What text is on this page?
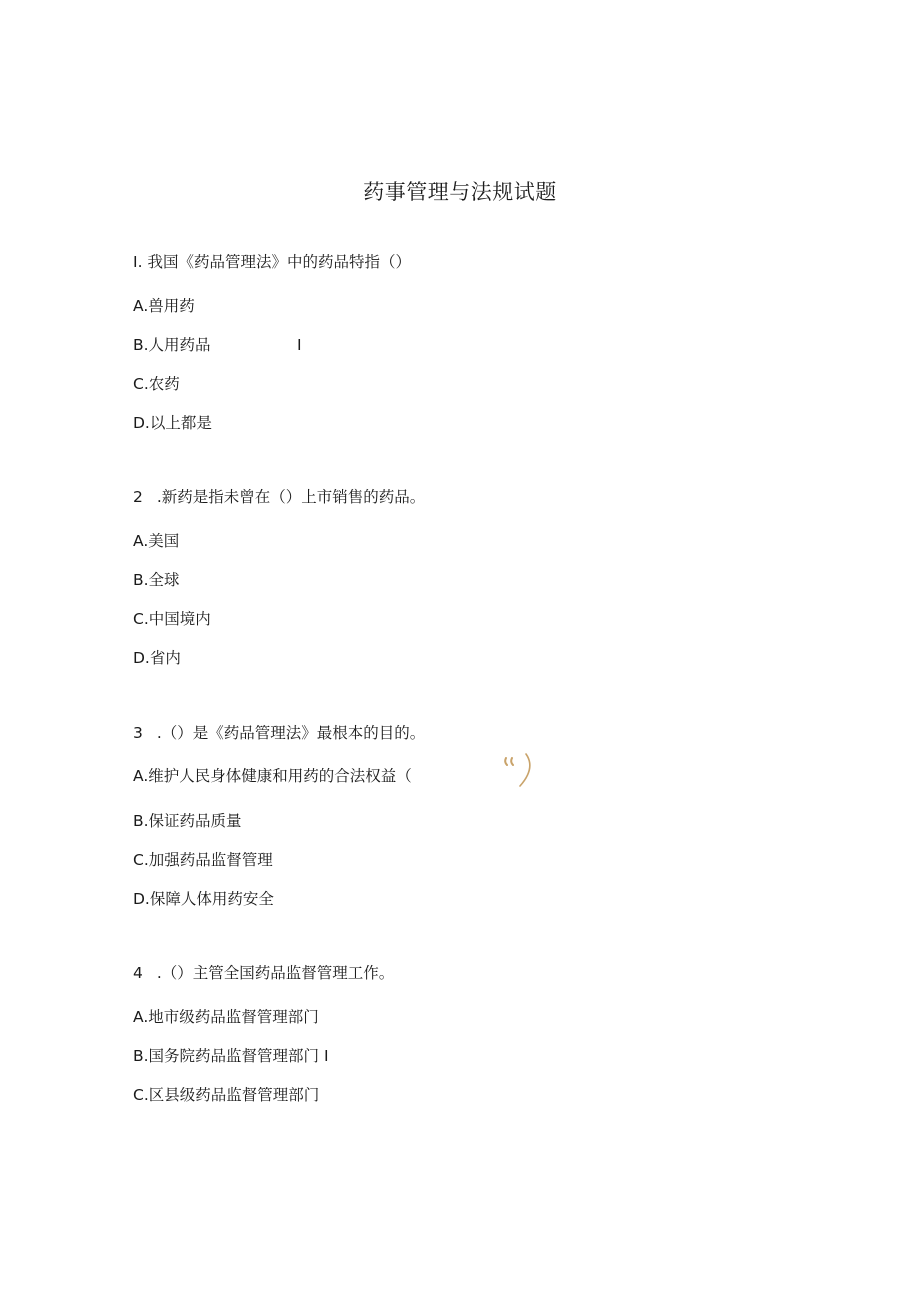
药事管理与法规试题
I. 我国《药品管理法》中的药品特指（）
A.兽用药
B.人用药品	I
C.农药
D.以上都是
2 .新药是指未曾在（）上市销售的药品。
A.美国
B.全球
C.中国境内
D.省内
3 .（）是《药品管理法》最根本的目的。
A.维护人民身体健康和用药的合法权益（
B.保证药品质量
C.加强药品监督管理
D.保障人体用药安全
4 .（）主管全国药品监督管理工作。
A.地市级药品监督管理部门
B.国务院药品监督管理部门 I
C.区县级药品监督管理部门
